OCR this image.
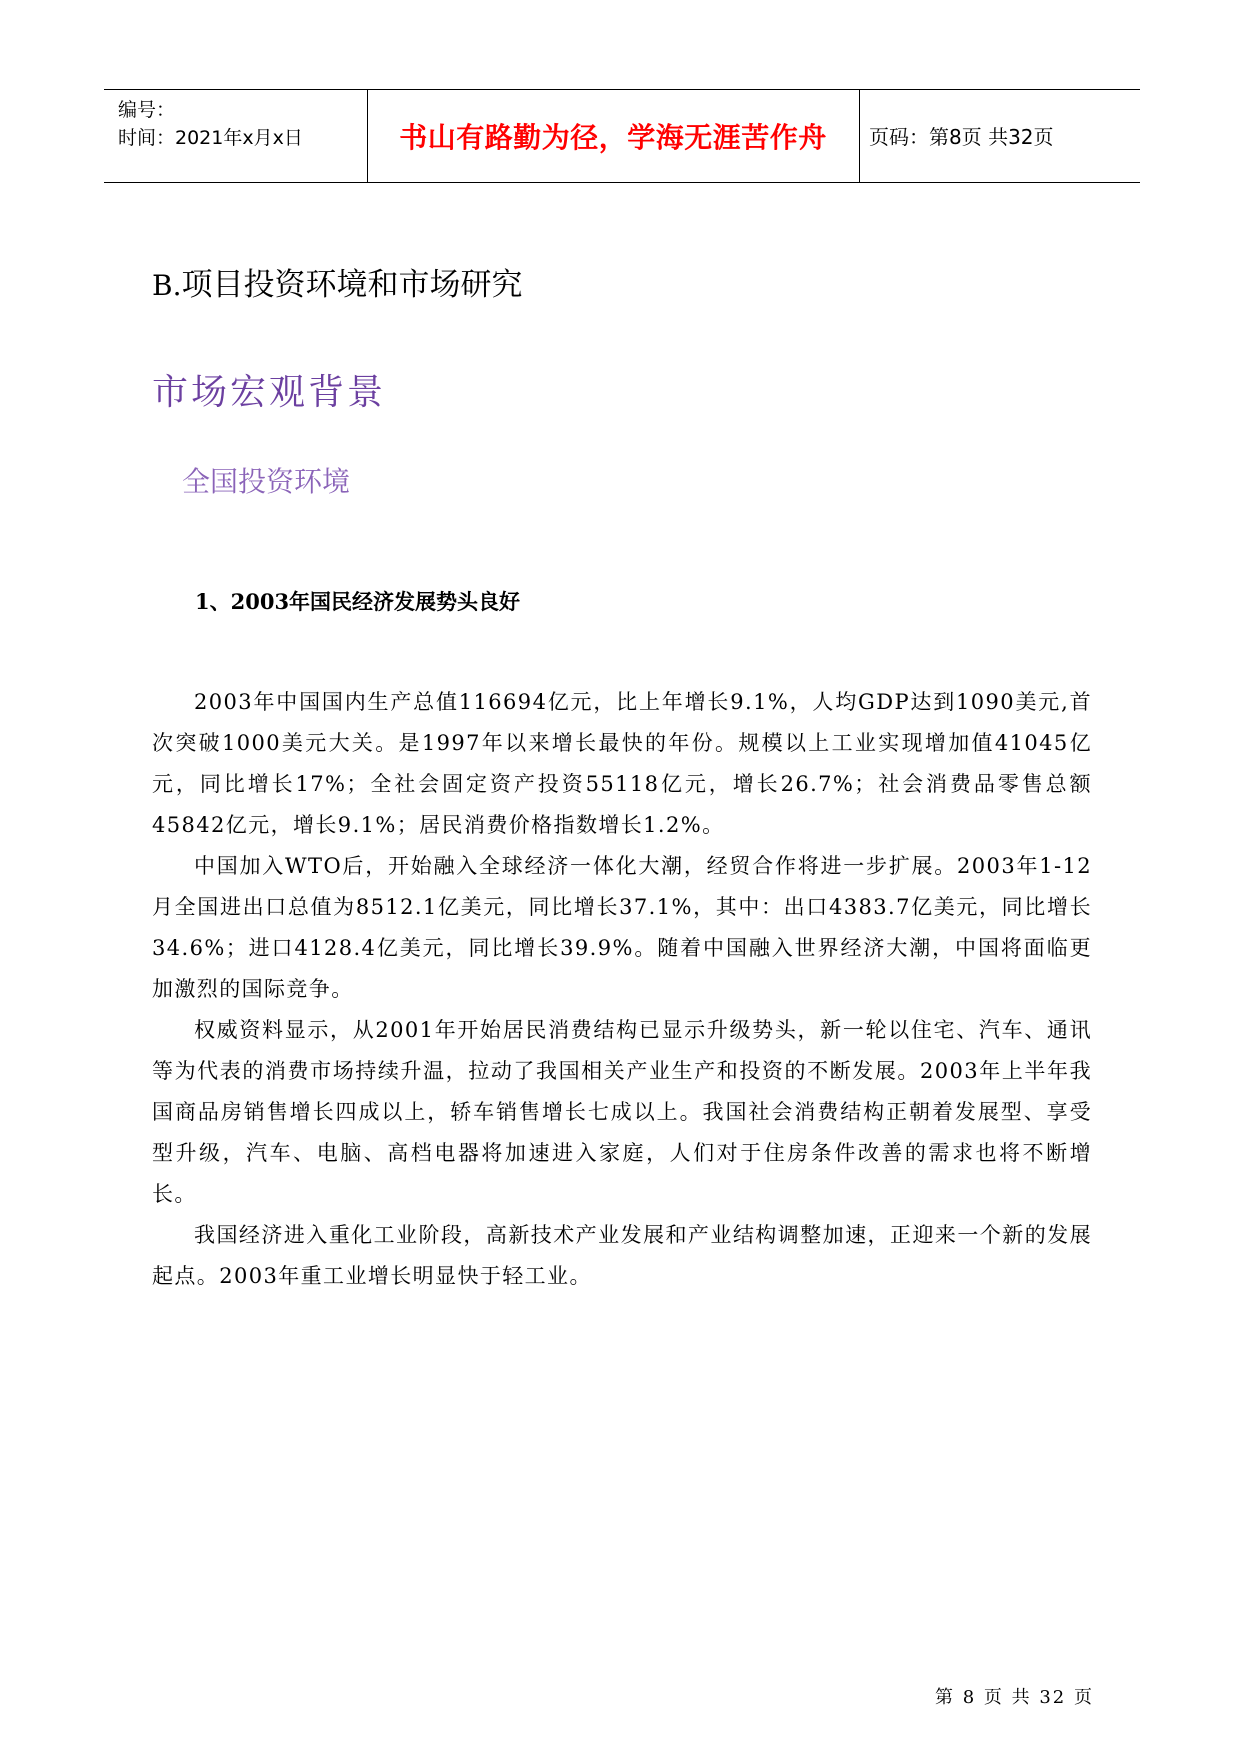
编号：
时间：2021年x月x日	书山有路勤为径，学海无涯苦作舟	页码：第8页 共32页
B.项目投资环境和市场研究
市场宏观背景
全国投资环境
1、2003年国民经济发展势头良好

2003年中国国内生产总值116694亿元，比上年增长9.1%，人均GDP达到1090美元,首次突破1000美元大关。是1997年以来增长最快的年份。规模以上工业实现增加值41045亿元，同比增长17%；全社会固定资产投资55118亿元，增长26.7%；社会消费品零售总额45842亿元，增长9.1%；居民消费价格指数增长1.2%。

中国加入WTO后，开始融入全球经济一体化大潮，经贸合作将进一步扩展。2003年1-12月全国进出口总值为8512.1亿美元，同比增长37.1%，其中：出口4383.7亿美元，同比增长34.6%；进口4128.4亿美元，同比增长39.9%。随着中国融入世界经济大潮，中国将面临更加激烈的国际竞争。

权威资料显示，从2001年开始居民消费结构已显示升级势头，新一轮以住宅、汽车、通讯等为代表的消费市场持续升温，拉动了我国相关产业生产和投资的不断发展。2003年上半年我国商品房销售增长四成以上，轿车销售增长七成以上。我国社会消费结构正朝着发展型、享受型升级，汽车、电脑、高档电器将加速进入家庭，人们对于住房条件改善的需求也将不断增长。

我国经济进入重化工业阶段，高新技术产业发展和产业结构调整加速，正迎来一个新的发展起点。2003年重工业增长明显快于轻工业。

第 8 页 共 32 页
